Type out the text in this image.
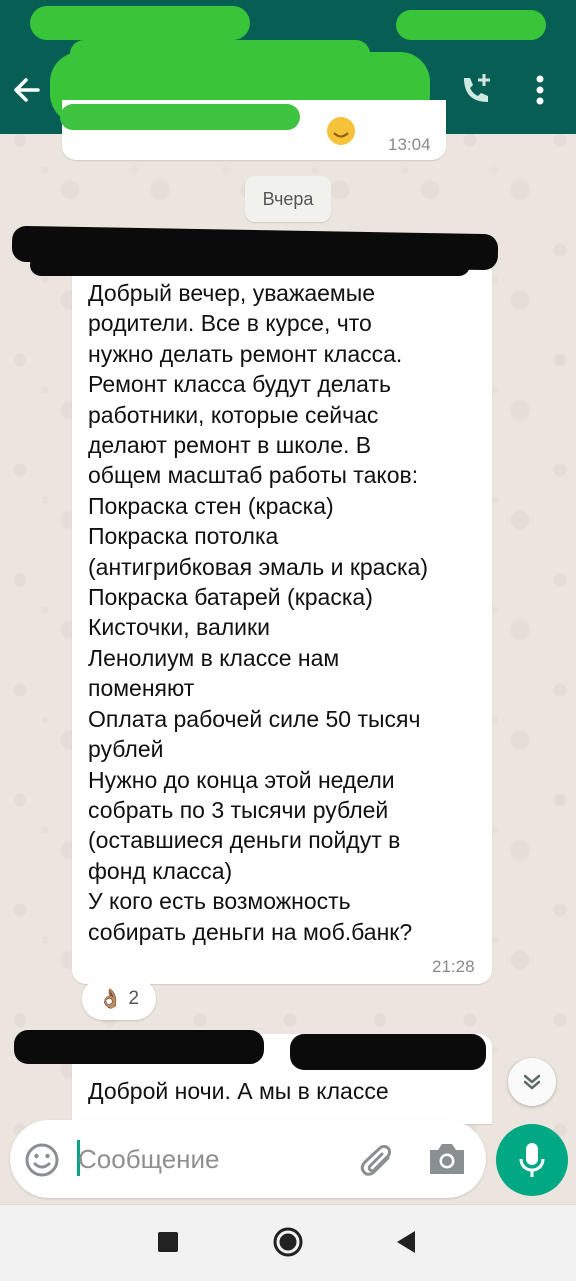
13:04
Вчера
Добрый вечер, уважаемые
родители. Все в курсе, что
нужно делать ремонт класса.
Ремонт класса будут делать
работники, которые сейчас
делают ремонт в школе. В
общем масштаб работы таков:
Покраска стен (краска)
Покраска потолка
(антигрибковая эмаль и краска)
Покраска батарей (краска)
Кисточки, валики
Ленолиум в классе нам
поменяют
Оплата рабочей силе 50 тысяч
рублей
Нужно до конца этой недели
собрать по 3 тысячи рублей
(оставшиеся деньги пойдут в
фонд класса)
У кого есть возможность
собирать деньги на моб.банк?
21:28
👌🏽 2
Доброй ночи. А мы в классе
Сообщение
